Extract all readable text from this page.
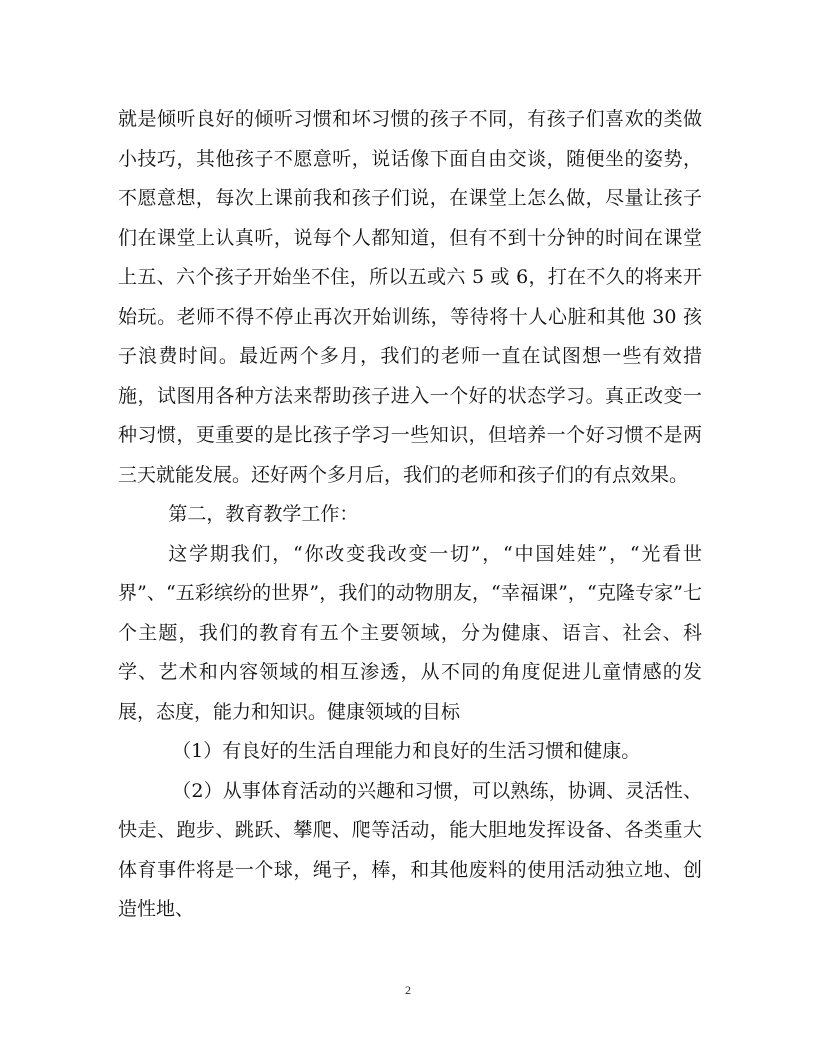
就是倾听良好的倾听习惯和坏习惯的孩子不同，有孩子们喜欢的类做小技巧，其他孩子不愿意听，说话像下面自由交谈，随便坐的姿势，不愿意想，每次上课前我和孩子们说，在课堂上怎么做，尽量让孩子们在课堂上认真听，说每个人都知道，但有不到十分钟的时间在课堂上五、六个孩子开始坐不住，所以五或六 5 或 6，打在不久的将来开始玩。老师不得不停止再次开始训练，等待将十人心脏和其他 30 孩子浪费时间。最近两个多月，我们的老师一直在试图想一些有效措施，试图用各种方法来帮助孩子进入一个好的状态学习。真正改变一种习惯，更重要的是比孩子学习一些知识，但培养一个好习惯不是两三天就能发展。还好两个多月后，我们的老师和孩子们的有点效果。

第二，教育教学工作：

这学期我们，“你改变我改变一切”，“中国娃娃”，“光看世界”、“五彩缤纷的世界”，我们的动物朋友，“幸福课”，“克隆专家”七个主题，我们的教育有五个主要领域，分为健康、语言、社会、科学、艺术和内容领域的相互渗透，从不同的角度促进儿童情感的发展，态度，能力和知识。健康领域的目标

（1）有良好的生活自理能力和良好的生活习惯和健康。

（2）从事体育活动的兴趣和习惯，可以熟练，协调、灵活性、快走、跑步、跳跃、攀爬、爬等活动，能大胆地发挥设备、各类重大体育事件将是一个球，绳子，棒，和其他废料的使用活动独立地、创造性地、

2
